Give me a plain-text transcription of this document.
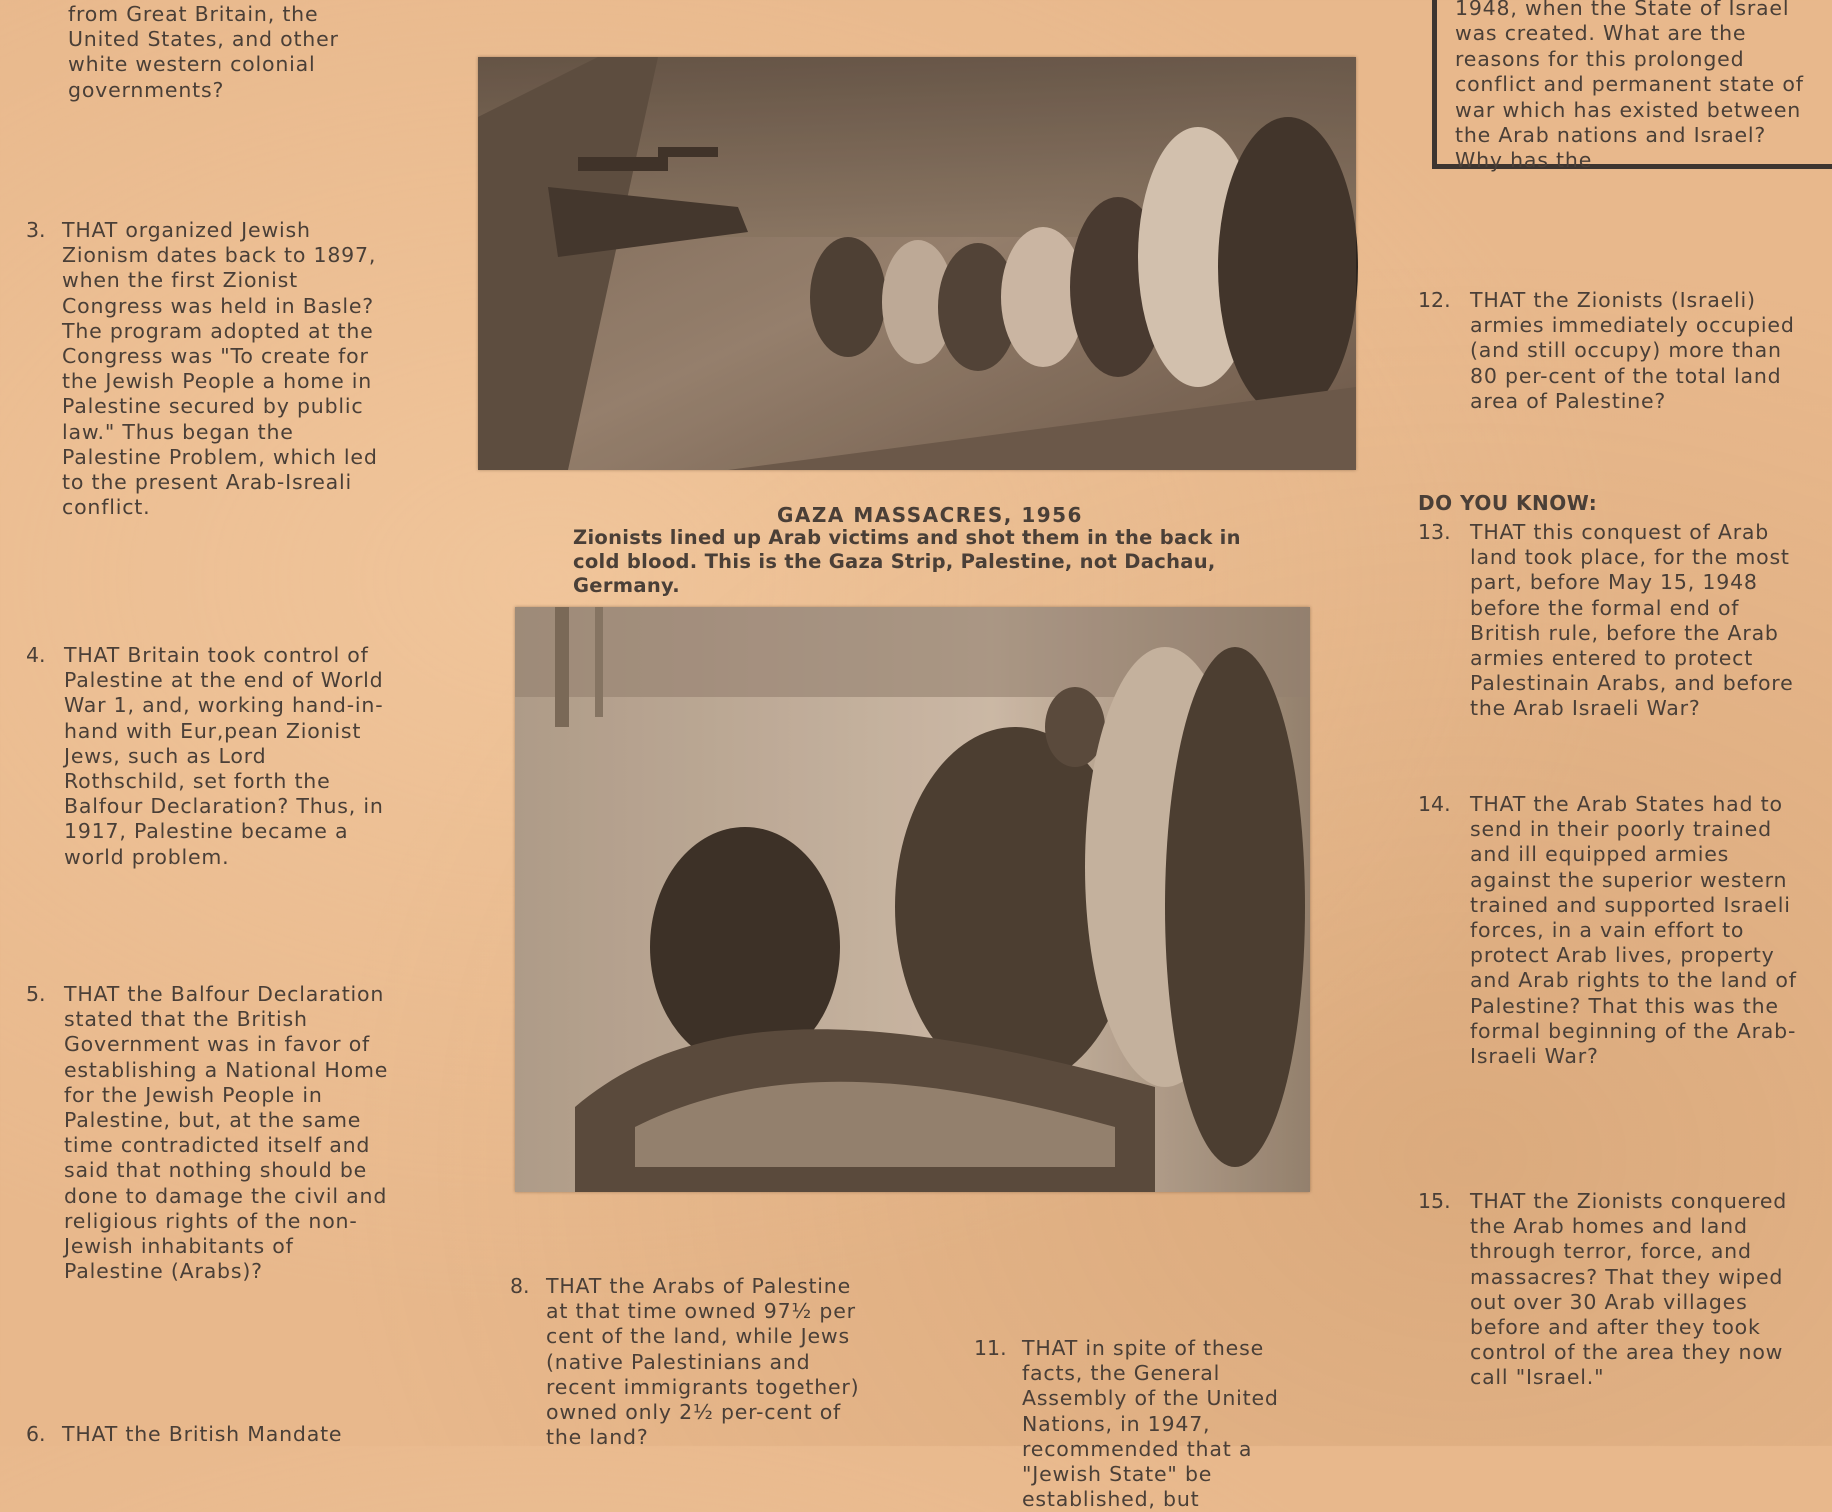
from Great Britain, the United States, and other white western colonial governments?

3. THAT organized Jewish Zionism dates back to 1897, when the first Zionist Congress was held in Basle? The program adopted at the Congress was "To create for the Jewish People a home in Palestine secured by public law." Thus began the Palestine Problem, which led to the present Arab-Isreali conflict.

4. THAT Britain took control of Palestine at the end of World War 1, and, working hand-in-hand with Eur,pean Zionist Jews, such as Lord Rothschild, set forth the Balfour Declaration? Thus, in 1917, Palestine became a world problem.

5. THAT the Balfour Declaration stated that the British Government was in favor of establishing a National Home for the Jewish People in Palestine, but, at the same time contradicted itself and said that nothing should be done to damage the civil and religious rights of the non-Jewish inhabitants of Palestine (Arabs)?

6. THAT the British Mandate

GAZA MASSACRES, 1956

Zionists lined up Arab victims and shot them in the back in cold blood. This is the Gaza Strip, Palestine, not Dachau, Germany.

8. THAT the Arabs of Palestine at that time owned 97½ per cent of the land, while Jews (native Palestinians and recent immigrants together) owned only 2½ per-cent of the land?

11. THAT in spite of these facts, the General Assembly of the United Nations, in 1947, recommended that a "Jewish State" be established, but

1948, when the State of Israel was created. What are the reasons for this prolonged conflict and permanent state of war which has existed between the Arab nations and Israel? Why has the

12. THAT the Zionists (Israeli) armies immediately occupied (and still occupy) more than 80 per-cent of the total land area of Palestine?

DO YOU KNOW:

13. THAT this conquest of Arab land took place, for the most part, before May 15, 1948 before the formal end of British rule, before the Arab armies entered to protect Palestinain Arabs, and before the Arab Israeli War?

14. THAT the Arab States had to send in their poorly trained and ill equipped armies against the superior western trained and supported Israeli forces, in a vain effort to protect Arab lives, property and Arab rights to the land of Palestine? That this was the formal beginning of the Arab-Israeli War?

15. THAT the Zionists conquered the Arab homes and land through terror, force, and massacres? That they wiped out over 30 Arab villages before and after they took control of the area they now call "Israel."
